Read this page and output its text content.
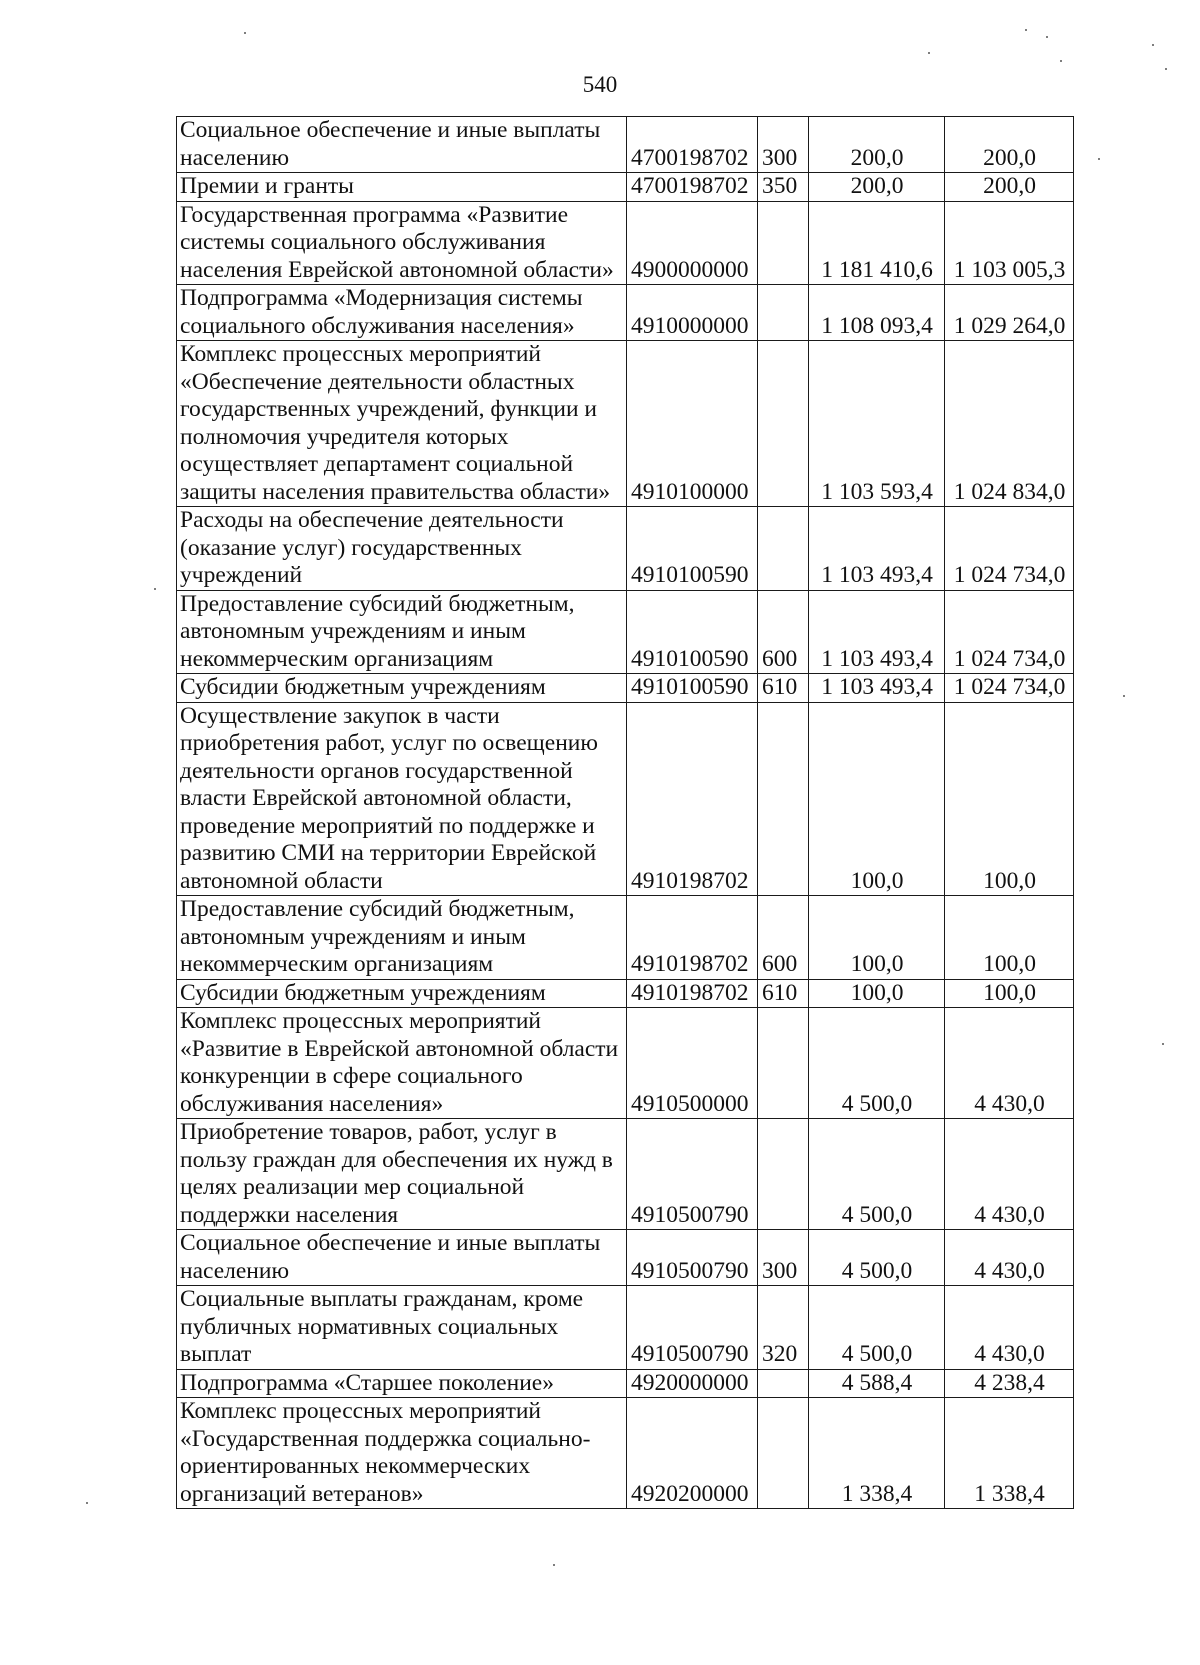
540
Социальное обеспечение и иные выплаты населению	4700198702	300	200,0	200,0
Премии и гранты	4700198702	350	200,0	200,0
Государственная программа «Развитие системы социального обслуживания населения Еврейской автономной области»	4900000000		1 181 410,6	1 103 005,3
Подпрограмма «Модернизация системы социального обслуживания населения»	4910000000		1 108 093,4	1 029 264,0
Комплекс процессных мероприятий «Обеспечение деятельности областных государственных учреждений, функции и полномочия учредителя которых осуществляет департамент социальной защиты населения правительства области»	4910100000		1 103 593,4	1 024 834,0
Расходы на обеспечение деятельности (оказание услуг) государственных учреждений	4910100590		1 103 493,4	1 024 734,0
Предоставление субсидий бюджетным, автономным учреждениям и иным некоммерческим организациям	4910100590	600	1 103 493,4	1 024 734,0
Субсидии бюджетным учреждениям	4910100590	610	1 103 493,4	1 024 734,0
Осуществление закупок в части приобретения работ, услуг по освещению деятельности органов государственной власти Еврейской автономной области, проведение мероприятий по поддержке и развитию СМИ на территории Еврейской автономной области	4910198702		100,0	100,0
Предоставление субсидий бюджетным, автономным учреждениям и иным некоммерческим организациям	4910198702	600	100,0	100,0
Субсидии бюджетным учреждениям	4910198702	610	100,0	100,0
Комплекс процессных мероприятий «Развитие в Еврейской автономной области конкуренции в сфере социального обслуживания населения»	4910500000		4 500,0	4 430,0
Приобретение товаров, работ, услуг в пользу граждан для обеспечения их нужд в целях реализации мер социальной поддержки населения	4910500790		4 500,0	4 430,0
Социальное обеспечение и иные выплаты населению	4910500790	300	4 500,0	4 430,0
Социальные выплаты гражданам, кроме публичных нормативных социальных выплат	4910500790	320	4 500,0	4 430,0
Подпрограмма «Старшее поколение»	4920000000		4 588,4	4 238,4
Комплекс процессных мероприятий «Государственная поддержка социально-ориентированных некоммерческих организаций ветеранов»	4920200000		1 338,4	1 338,4
